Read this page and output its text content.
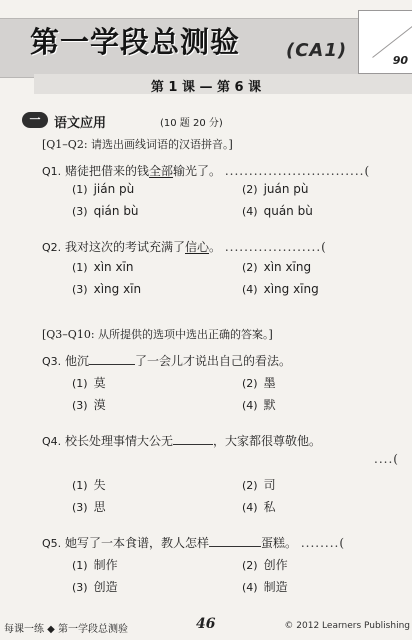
第一学段总测验	(CA1)	90
第 1 课 — 第 6 课
一	语文应用	(10 题 20 分)
[Q1–Q2: 请选出画线词语的汉语拼音。]
Q1. 赌徒把借来的钱全部输光了。 .............................(
(1) jián pù	(2) juán pù
(3) qián bù	(4) quán bù
Q2. 我对这次的考试充满了信心。 ....................(
(1) xìn xīn	(2) xìn xīng
(3) xìng xīn	(4) xìng xīng
[Q3–Q10: 从所提供的选项中选出正确的答案。]
Q3. 他沉	了一会儿才说出自己的看法。
(1) 莫	(2) 墨
(3) 漠	(4) 默
Q4. 校长处理事情大公无	，大家都很尊敬他。
....(
(1) 失	(2) 司
(3) 思	(4) 私
Q5. 她写了一本食谱，教人怎样	蛋糕。 ........(
(1) 制作	(2) 创作
(3) 创造	(4) 制造
每课一练 ◆ 第一学段总测验	46	© 2012 Learners Publishing
